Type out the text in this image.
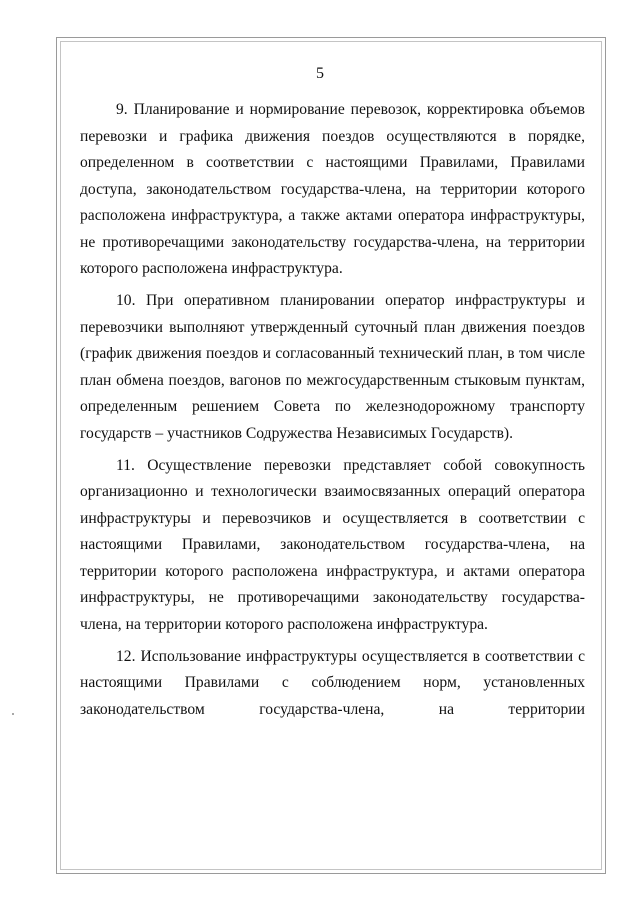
5

9. Планирование и нормирование перевозок, корректировка объемов перевозки и графика движения поездов осуществляются в порядке, определенном в соответствии с настоящими Правилами, Правилами доступа, законодательством государства-члена, на территории которого расположена инфраструктура, а также актами оператора инфраструктуры, не противоречащими законодательству государства-члена, на территории которого расположена инфраструктура.

10. При оперативном планировании оператор инфраструктуры и перевозчики выполняют утвержденный суточный план движения поездов (график движения поездов и согласованный технический план, в том числе план обмена поездов, вагонов по межгосударственным стыковым пунктам, определенным решением Совета по железнодорожному транспорту государств – участников Содружества Независимых Государств).

11. Осуществление перевозки представляет собой совокупность организационно и технологически взаимосвязанных операций оператора инфраструктуры и перевозчиков и осуществляется в соответствии с настоящими Правилами, законодательством государства-члена, на территории которого расположена инфраструктура, и актами оператора инфраструктуры, не противоречащими законодательству государства-члена, на территории которого расположена инфраструктура.

12. Использование инфраструктуры осуществляется в соответствии с настоящими Правилами с соблюдением норм, установленных законодательством государства-члена, на территории
